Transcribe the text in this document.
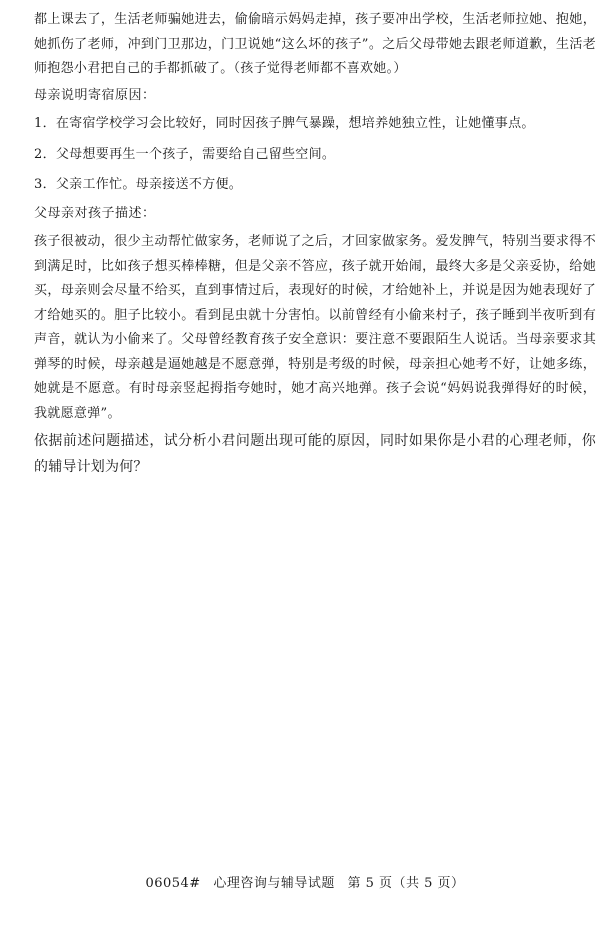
都上课去了，生活老师骗她进去，偷偷暗示妈妈走掉，孩子要冲出学校，生活老师拉她、抱她，她抓伤了老师，冲到门卫那边，门卫说她“这么坏的孩子”。之后父母带她去跟老师道歉，生活老师抱怨小君把自己的手都抓破了。（孩子觉得老师都不喜欢她。）

母亲说明寄宿原因：

1．在寄宿学校学习会比较好，同时因孩子脾气暴躁，想培养她独立性，让她懂事点。

2．父母想要再生一个孩子，需要给自己留些空间。

3．父亲工作忙。母亲接送不方便。

父母亲对孩子描述：

孩子很被动，很少主动帮忙做家务，老师说了之后，才回家做家务。爱发脾气，特别当要求得不到满足时，比如孩子想买棒棒糖，但是父亲不答应，孩子就开始闹，最终大多是父亲妥协，给她买，母亲则会尽量不给买，直到事情过后，表现好的时候，才给她补上，并说是因为她表现好了才给她买的。胆子比较小。看到昆虫就十分害怕。以前曾经有小偷来村子，孩子睡到半夜听到有声音，就认为小偷来了。父母曾经教育孩子安全意识：要注意不要跟陌生人说话。当母亲要求其弹琴的时候，母亲越是逼她越是不愿意弹，特别是考级的时候，母亲担心她考不好，让她多练，她就是不愿意。有时母亲竖起拇指夸她时，她才高兴地弹。孩子会说“妈妈说我弹得好的时候，我就愿意弹”。

依据前述问题描述，试分析小君问题出现可能的原因，同时如果你是小君的心理老师，你的辅导计划为何？

06054# 心理咨询与辅导试题 第 5 页（共 5 页）
